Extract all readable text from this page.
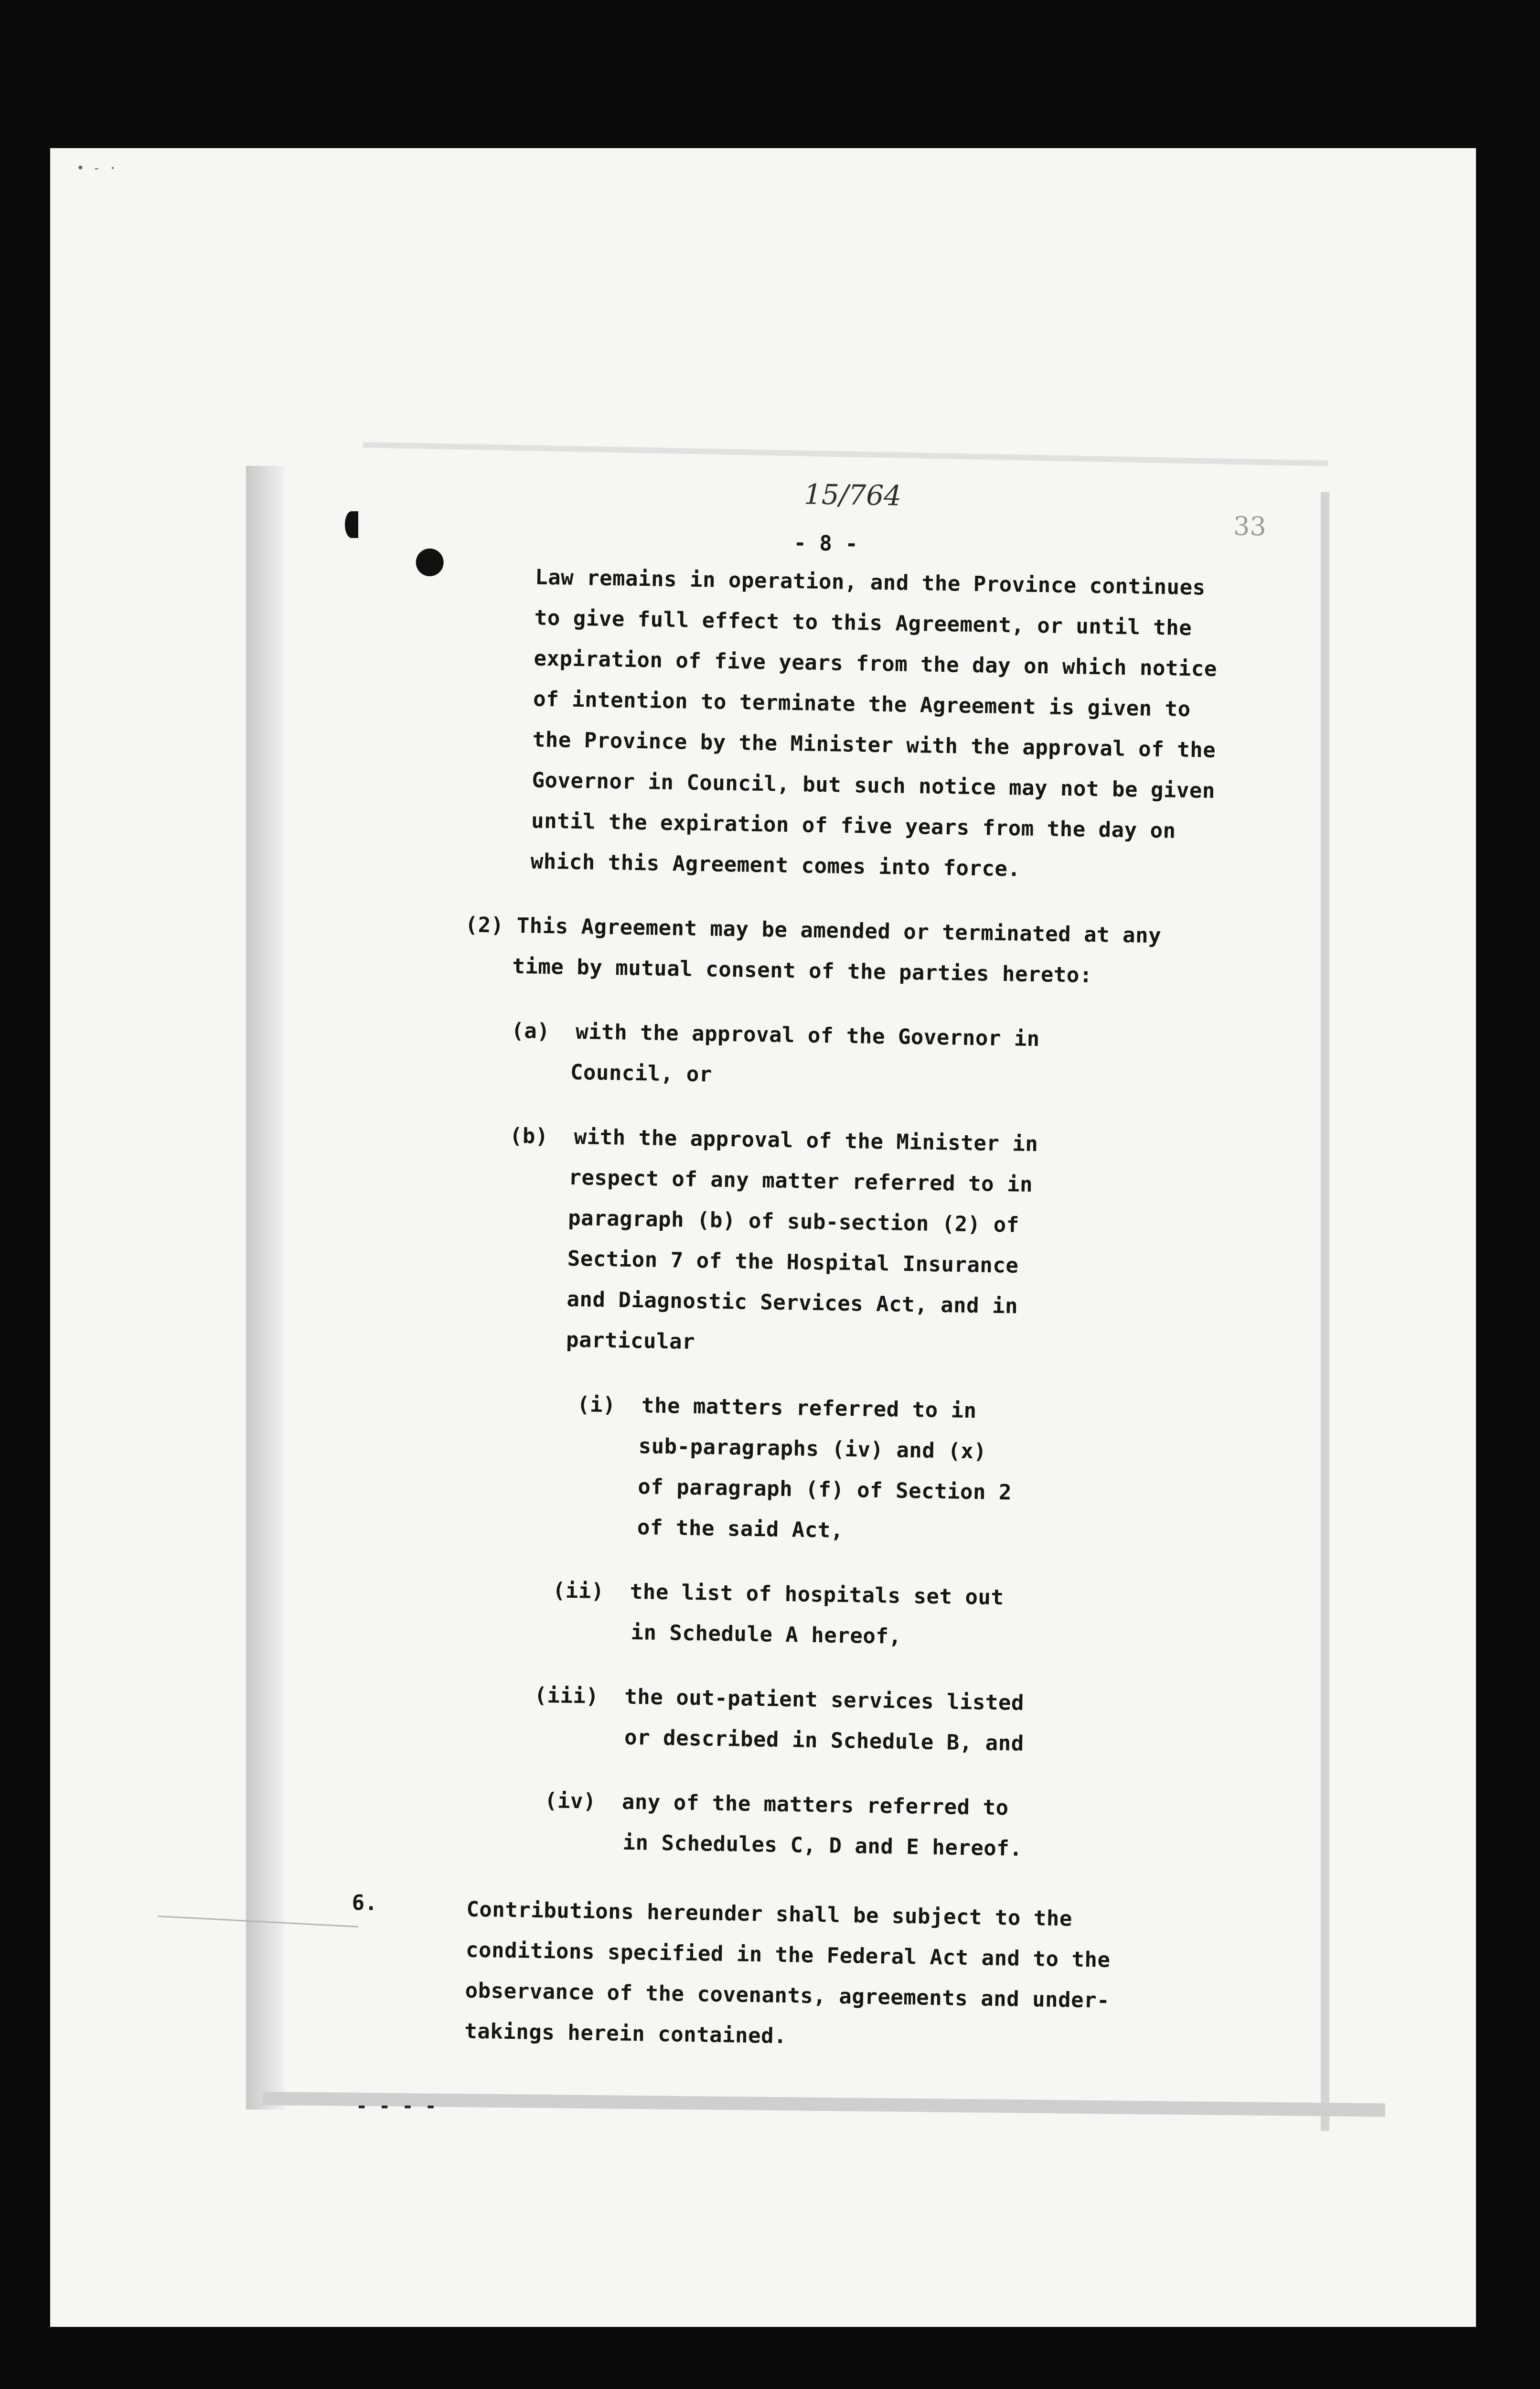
• - ·
15/764
33
- 8 -
Law remains in operation, and the Province continues
to give full effect to this Agreement, or until the
expiration of five years from the day on which notice
of intention to terminate the Agreement is given to
the Province by the Minister with the approval of the
Governor in Council, but such notice may not be given
until the expiration of five years from the day on
which this Agreement comes into force.
(2) This Agreement may be amended or terminated at any
time by mutual consent of the parties hereto:
(a)  with the approval of the Governor in
Council, or
(b)  with the approval of the Minister in
respect of any matter referred to in
paragraph (b) of sub-section (2) of
Section 7 of the Hospital Insurance
and Diagnostic Services Act, and in
particular
(i)  the matters referred to in
sub-paragraphs (iv) and (x)
of paragraph (f) of Section 2
of the said Act,
(ii)  the list of hospitals set out
in Schedule A hereof,
(iii)  the out-patient services listed
or described in Schedule B, and
(iv)  any of the matters referred to
in Schedules C, D and E hereof.
6.	Contributions hereunder shall be subject to the
conditions specified in the Federal Act and to the
observance of the covenants, agreements and under-
takings herein contained.
- - - -
